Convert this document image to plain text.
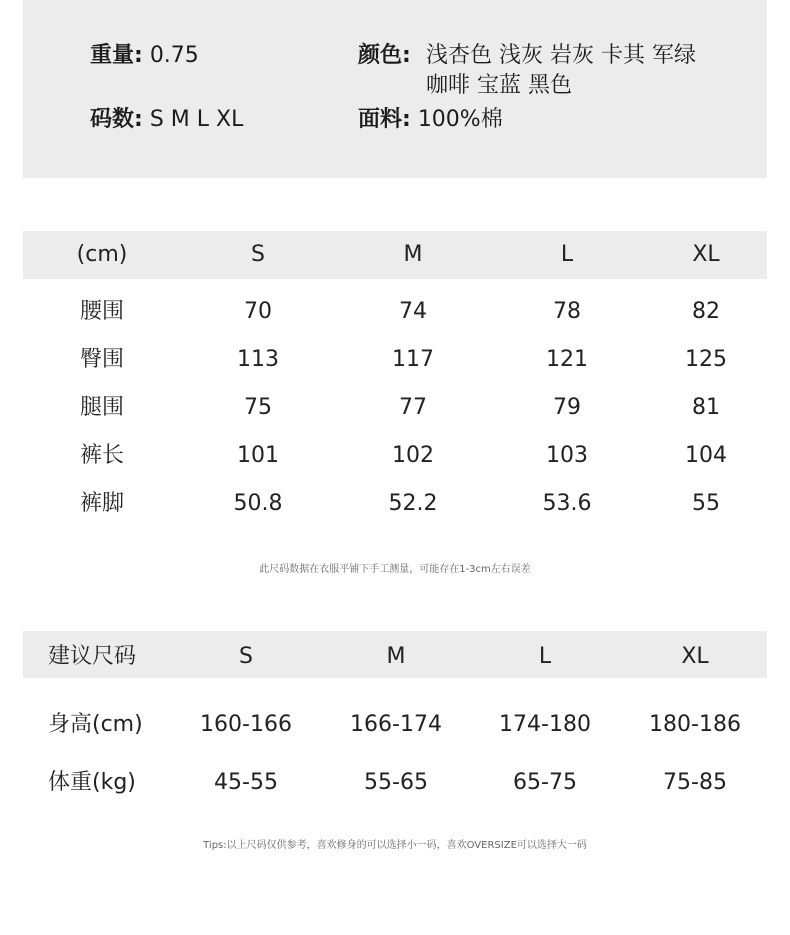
重量: 0.75
码数: S M L XL
颜色: 浅杏色 浅灰 岩灰 卡其 军绿 咖啡 宝蓝 黑色
面料: 100%棉
(cm)	S	M	L	XL
腰围	70	74	78	82
臀围	113	117	121	125
腿围	75	77	79	81
裤长	101	102	103	104
裤脚	50.8	52.2	53.6	55
此尺码数据在衣服平铺下手工测量，可能存在1-3cm左右误差
建议尺码	S	M	L	XL
身高(cm)	160-166	166-174	174-180	180-186
体重(kg)	45-55	55-65	65-75	75-85
Tips:以上尺码仅供参考，喜欢修身的可以选择小一码，喜欢OVERSIZE可以选择大一码
